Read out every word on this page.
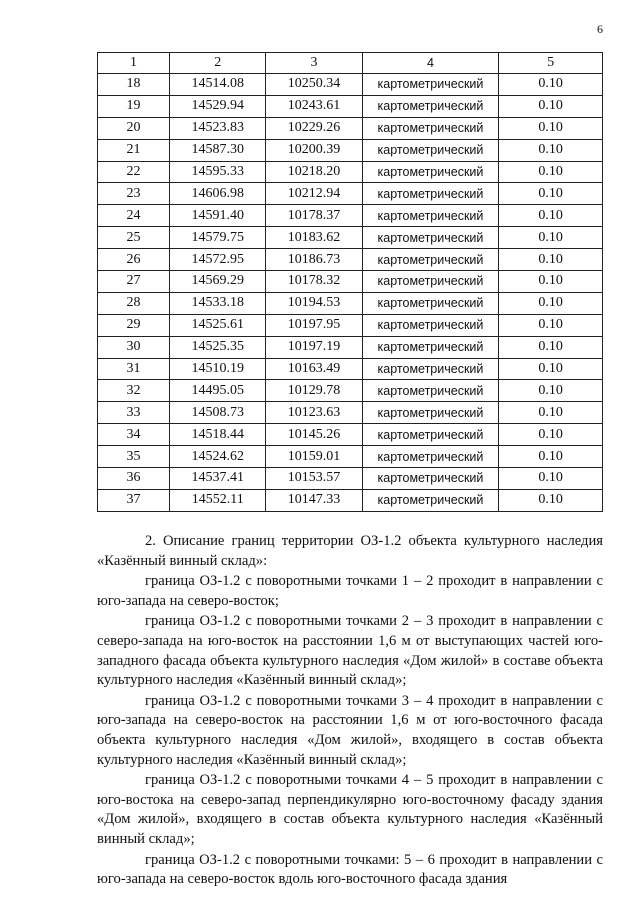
6
1	2	3	4	5
18	14514.08	10250.34	картометрический	0.10
19	14529.94	10243.61	картометрический	0.10
20	14523.83	10229.26	картометрический	0.10
21	14587.30	10200.39	картометрический	0.10
22	14595.33	10218.20	картометрический	0.10
23	14606.98	10212.94	картометрический	0.10
24	14591.40	10178.37	картометрический	0.10
25	14579.75	10183.62	картометрический	0.10
26	14572.95	10186.73	картометрический	0.10
27	14569.29	10178.32	картометрический	0.10
28	14533.18	10194.53	картометрический	0.10
29	14525.61	10197.95	картометрический	0.10
30	14525.35	10197.19	картометрический	0.10
31	14510.19	10163.49	картометрический	0.10
32	14495.05	10129.78	картометрический	0.10
33	14508.73	10123.63	картометрический	0.10
34	14518.44	10145.26	картометрический	0.10
35	14524.62	10159.01	картометрический	0.10
36	14537.41	10153.57	картометрический	0.10
37	14552.11	10147.33	картометрический	0.10

2. Описание границ территории ОЗ-1.2 объекта культурного наследия «Казённый винный склад»:

граница ОЗ-1.2 с поворотными точками 1 – 2 проходит в направлении с юго-запада на северо-восток;

граница ОЗ-1.2 с поворотными точками 2 – 3 проходит в направлении с северо-запада на юго-восток на расстоянии 1,6 м от выступающих частей юго-западного фасада объекта культурного наследия «Дом жилой» в составе объекта культурного наследия «Казённый винный склад»;

граница ОЗ-1.2 с поворотными точками 3 – 4 проходит в направлении с юго-запада на северо-восток на расстоянии 1,6 м от юго-восточного фасада объекта культурного наследия «Дом жилой», входящего в состав объекта культурного наследия «Казённый винный склад»;

граница ОЗ-1.2 с поворотными точками 4 – 5 проходит в направлении с юго-востока на северо-запад перпендикулярно юго-восточному фасаду здания «Дом жилой», входящего в состав объекта культурного наследия «Казённый винный склад»;

граница ОЗ-1.2 с поворотными точками: 5 – 6 проходит в направлении с юго-запада на северо-восток вдоль юго-восточного фасада здания
